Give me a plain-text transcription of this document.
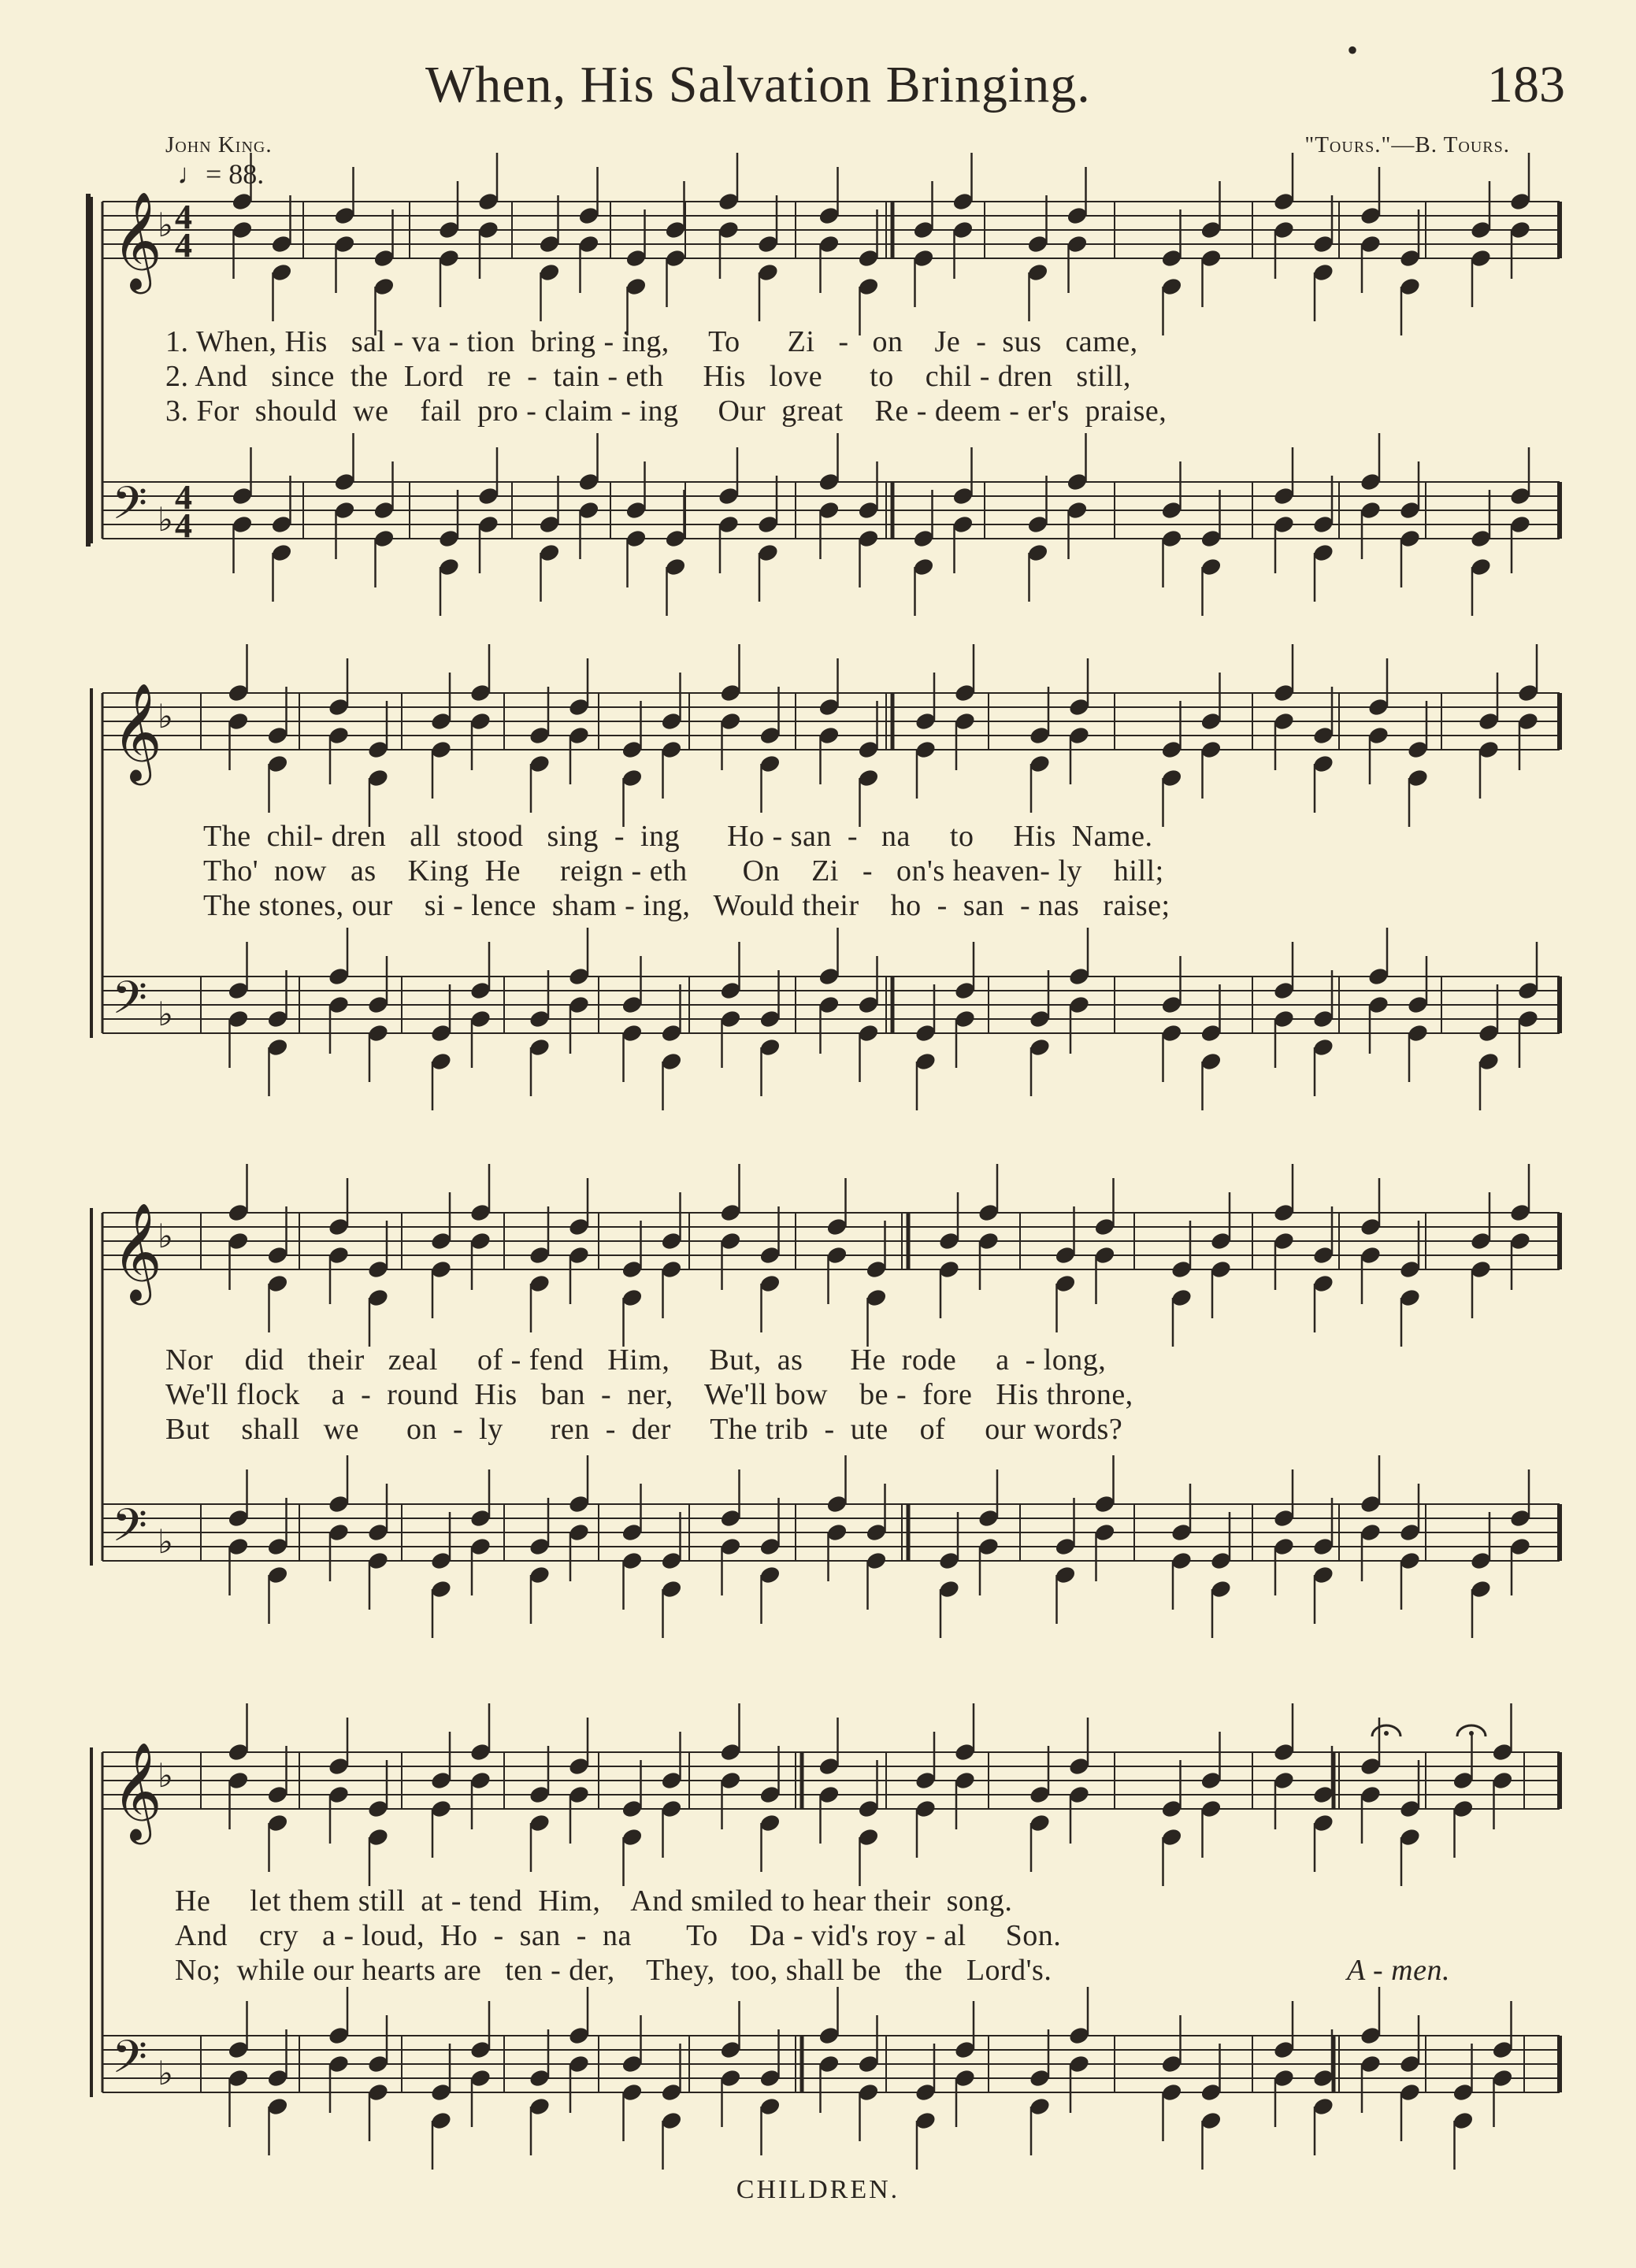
•
When, His Salvation Bringing.	183
John King.	"Tours."—B. Tours.
♩= 88.
𝄞
𝄢
♭
♭
4
4
4
4
𝄞
𝄢
♭
♭
𝄞
𝄢
♭
♭
𝄞
𝄢
♭
♭
1. When, His   sal - va - tion  bring - ing,     To      Zi   -   on    Je  -  sus   came,
2. And   since  the  Lord   re  -  tain - eth     His   love      to    chil - dren   still,
3. For  should  we    fail  pro - claim - ing     Our  great    Re - deem - er's  praise,
The  chil- dren   all  stood   sing  -  ing      Ho - san  -   na     to     His  Name.
Tho'  now   as    King  He     reign - eth       On    Zi   -   on's heaven- ly    hill;
The stones, our    si - lence  sham - ing,   Would their    ho  -  san  - nas   raise;
Nor    did   their   zeal     of - fend   Him,     But,  as      He  rode     a  - long,
We'll flock    a  -  round  His   ban  -  ner,    We'll bow    be -  fore   His throne,
But    shall   we      on  -  ly      ren  -  der     The trib  -  ute    of     our words?
He     let them still  at - tend  Him,    And smiled to hear their  song.
And    cry   a - loud,  Ho  -  san  -  na       To    Da - vid's roy - al     Son.
No;  while our hearts are   ten - der,    They,  too, shall be   the   Lord's.	A - men.
CHILDREN.
